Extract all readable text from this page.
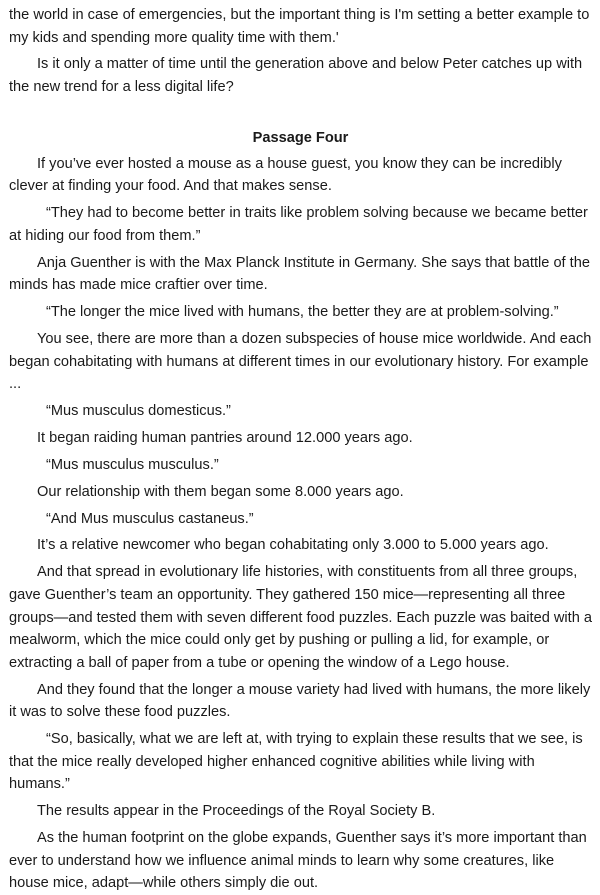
the world in case of emergencies, but the important thing is I'm setting a better example to my kids and spending more quality time with them.'

Is it only a matter of time until the generation above and below Peter catches up with the new trend for a less digital life?

Passage Four

If you’ve ever hosted a mouse as a house guest, you know they can be incredibly clever at finding your food. And that makes sense.

“They had to become better in traits like problem solving because we became better at hiding our food from them.”

Anja Guenther is with the Max Planck Institute in Germany. She says that battle of the minds has made mice craftier over time.

“The longer the mice lived with humans, the better they are at problem-solving.”

You see, there are more than a dozen subspecies of house mice worldwide. And each began cohabitating with humans at different times in our evolutionary history. For example ...

“Mus musculus domesticus.”

It began raiding human pantries around 12.000 years ago.

“Mus musculus musculus.”

Our relationship with them began some 8.000 years ago.

“And Mus musculus castaneus.”

It’s a relative newcomer who began cohabitating only 3.000 to 5.000 years ago.

And that spread in evolutionary life histories, with constituents from all three groups, gave Guenther’s team an opportunity. They gathered 150 mice—representing all three groups—and tested them with seven different food puzzles. Each puzzle was baited with a mealworm, which the mice could only get by pushing or pulling a lid, for example, or extracting a ball of paper from a tube or opening the window of a Lego house.

And they found that the longer a mouse variety had lived with humans, the more likely it was to solve these food puzzles.

“So, basically, what we are left at, with trying to explain these results that we see, is that the mice really developed higher enhanced cognitive abilities while living with humans.”

The results appear in the Proceedings of the Royal Society B.

As the human footprint on the globe expands, Guenther says it’s more important than ever to understand how we influence animal minds to learn why some creatures, like house mice, adapt—while others simply die out.
